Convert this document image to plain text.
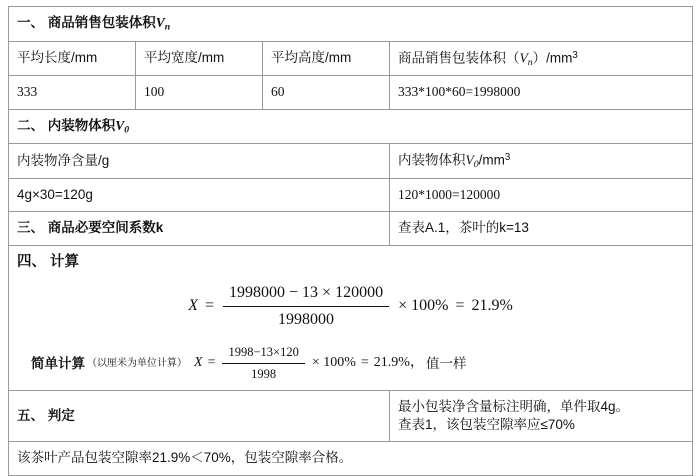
一、 商品销售包装体积$V_n$
平均长度/mm	平均宽度/mm	平均高度/mm	商品销售包装体积$(V_n)/mm^3$
333	100	60	333*100*60=1998000
二、 内装物体积$V_0$
内装物净含量/g			内装物体积$V_0/mm^3$
4g×30=120g			120*1000=120000
三、 商品必要空间系数k			查表A.1，茶叶的k=13

四、 计算
$X = \frac{1998000 - 13 \times 120000}{1998000} \times 100\% = 21.9\%$
简单计算 （以厘米为单位计算） $X = \frac{1998-13\times 120}{1998} \times 100\% = 21.9\%$， 值一样

五、 判定			最小包装净含量标注明确，单件取4g。
查表1，该包装空隙率应≤70%

该茶叶产品包装空隙率21.9%＜70%，包装空隙率合格。			
